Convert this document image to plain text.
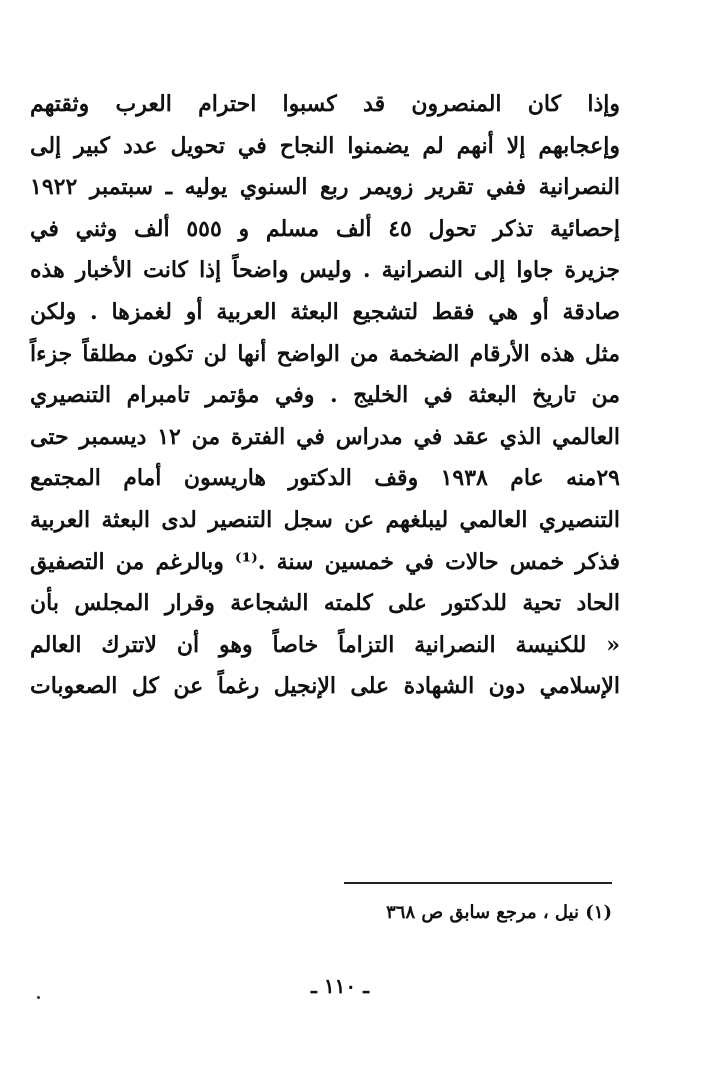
وإذا كان المنصرون قد كسبوا احترام العرب وثقتهم
وإعجابهم إلا أنهم لم يضمنوا النجاح في تحويل عدد كبير إلى
النصرانية ففي تقرير زويمر ربع السنوي يوليه ـ سبتمبر ١٩٢٢
إحصائية تذكر تحول ٤٥ ألف مسلم و ٥٥٥ ألف وثني في
جزيرة جاوا إلى النصرانية . وليس واضحاً إذا كانت الأخبار هذه
صادقة أو هي فقط لتشجيع البعثة العربية أو لغمزها . ولكن
مثل هذه الأرقام الضخمة من الواضح أنها لن تكون مطلقاً جزءاً
من تاريخ البعثة في الخليج . وفي مؤتمر تامبرام التنصيري
العالمي الذي عقد في مدراس في الفترة من ١٢ ديسمبر حتى
٢٩منه عام ١٩٣٨ وقف الدكتور هاريسون أمام المجتمع
التنصيري العالمي ليبلغهم عن سجل التنصير لدى البعثة العربية
فذكر خمس حالات في خمسين سنة .⁽¹⁾ وبالرغم من التصفيق
الحاد تحية للدكتور على كلمته الشجاعة وقرار المجلس بأن
« للكنيسة النصرانية التزاماً خاصاً وهو أن لاتترك العالم
الإسلامي دون الشهادة على الإنجيل رغماً عن كل الصعوبات
(١) نيل ، مرجع سابق ص ٣٦٨
ـ ١١٠ ـ
